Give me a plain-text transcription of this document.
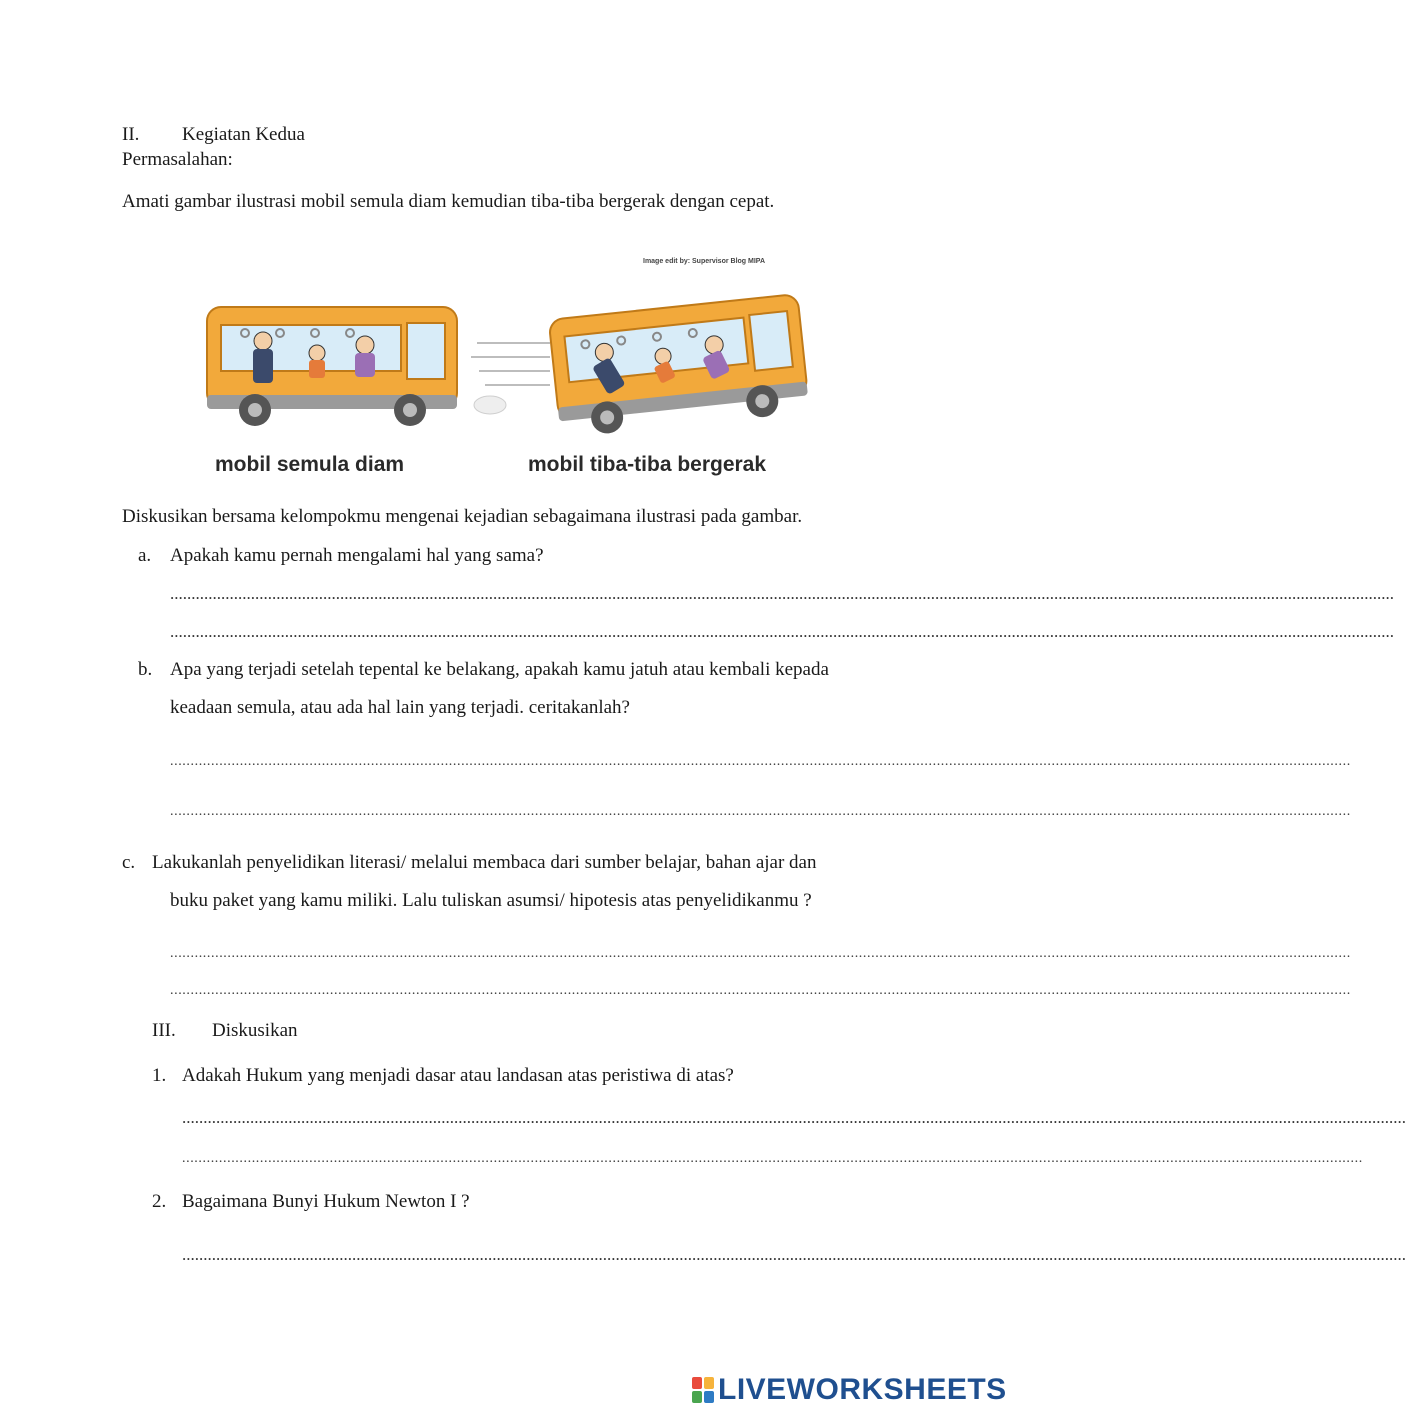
II. Kegiatan Kedua
Permasalahan:
Amati gambar ilustrasi mobil semula diam kemudian tiba-tiba bergerak dengan cepat.
Image edit by: Supervisor Blog MIPA
mobil semula diam	mobil tiba-tiba bergerak
Diskusikan bersama kelompokmu mengenai kejadian sebagaimana ilustrasi pada gambar.
a. Apakah kamu pernah mengalami hal yang sama?
................................................................................................................................................................................................................................................................................................
................................................................................................................................................................................................................................................................................................
b. Apa yang terjadi setelah tepental ke belakang, apakah kamu jatuh atau kembali kepada
keadaan semula, atau ada hal lain yang terjadi. ceritakanlah?
................................................................................................................................................................................................................................................................................................
................................................................................................................................................................................................................................................................................................
c. Lakukanlah penyelidikan literasi/ melalui membaca dari sumber belajar, bahan ajar dan
buku paket yang kamu miliki. Lalu tuliskan asumsi/ hipotesis atas penyelidikanmu ?
................................................................................................................................................................................................................................................................................................
................................................................................................................................................................................................................................................................................................
III. Diskusikan
1. Adakah Hukum yang menjadi dasar atau landasan atas peristiwa di atas?
................................................................................................................................................................................................................................................................................................
................................................................................................................................................................................................................................................................................................
2. Bagaimana Bunyi Hukum Newton I ?
................................................................................................................................................................................................................................................................................................
LIVEWORKSHEETS
